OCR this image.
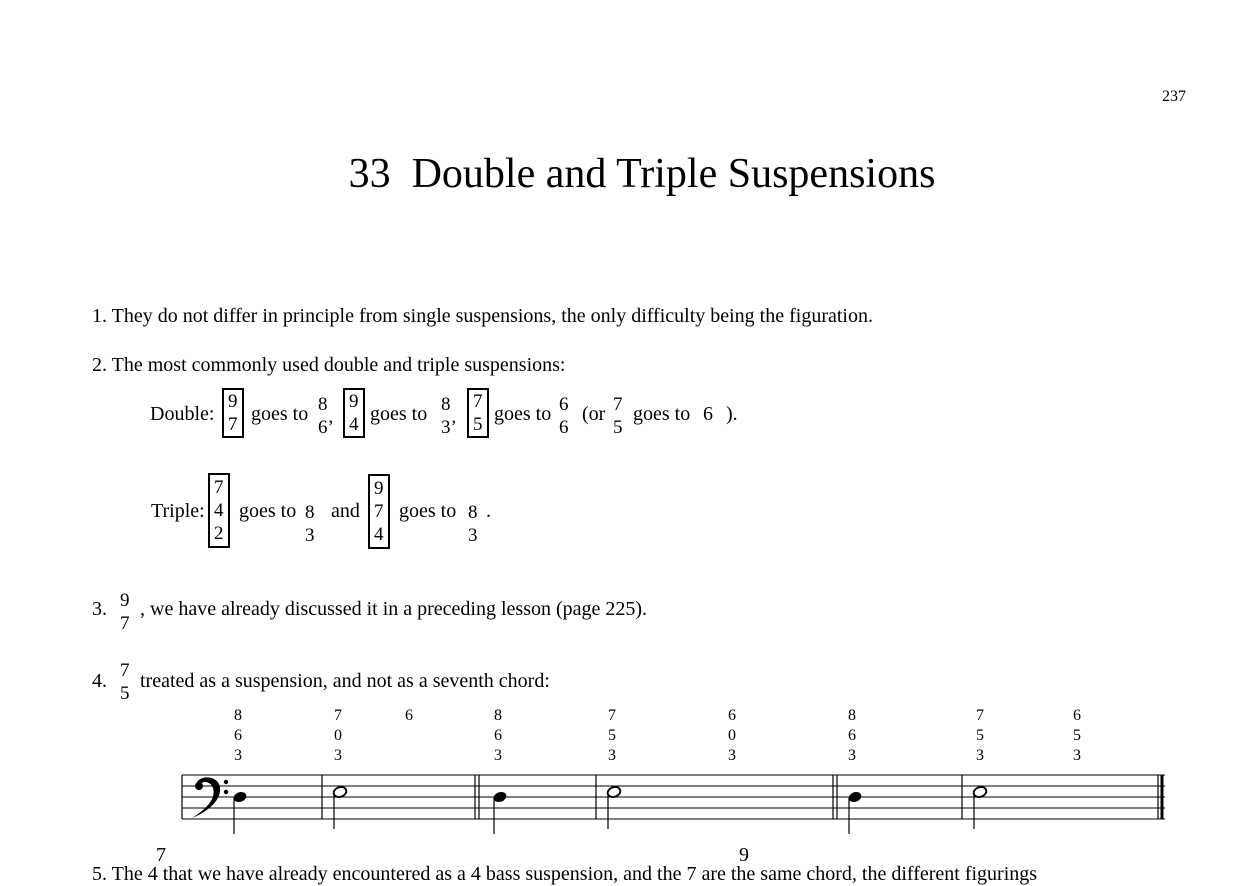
237
33  Double and Triple Suspensions
1. They do not differ in principle from single suspensions, the only difficulty being the figuration.
2. The most commonly used double and triple suspensions:
Double:
9
7 goes to 8
6’
9
4 goes to 8
3’
7
5 goes to 6
6
(or 7
5
goes to 6 ).
Triple:
7
4
2
goes to 8
3
and
9
7
4
goes to 8
3
.
3. 9
7
, we have already discussed it in a preceding lesson (page 225).
4. 7
5
treated as a suspension, and not as a seventh chord:
8
6
3
7
0
3
6	8
6
3
7
5
3
6
0
3
8
6
3
7
5
3
6
5
3
7	9
5. The 4 that we have already encountered as a 4 bass suspension, and the 7 are the same chord, the different figurings
